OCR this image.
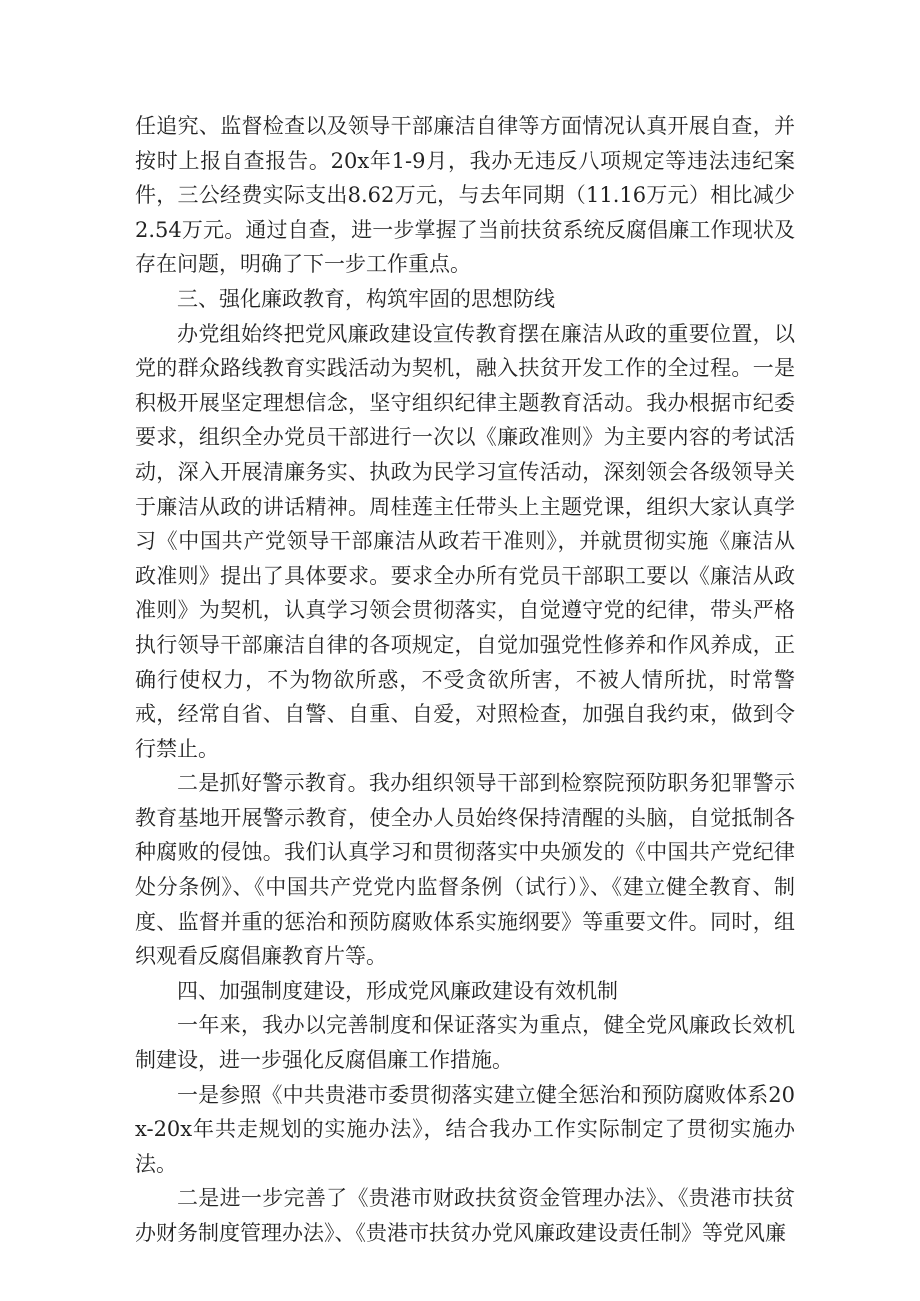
任追究、监督检查以及领导干部廉洁自律等方面情况认真开展自查，并按时上报自查报告。20x年1-9月，我办无违反八项规定等违法违纪案件，三公经费实际支出8.62万元，与去年同期（11.16万元）相比减少2.54万元。通过自查，进一步掌握了当前扶贫系统反腐倡廉工作现状及存在问题，明确了下一步工作重点。

三、强化廉政教育，构筑牢固的思想防线

办党组始终把党风廉政建设宣传教育摆在廉洁从政的重要位置，以党的群众路线教育实践活动为契机，融入扶贫开发工作的全过程。一是积极开展坚定理想信念，坚守组织纪律主题教育活动。我办根据市纪委要求，组织全办党员干部进行一次以《廉政准则》为主要内容的考试活动，深入开展清廉务实、执政为民学习宣传活动，深刻领会各级领导关于廉洁从政的讲话精神。周桂莲主任带头上主题党课，组织大家认真学习《中国共产党领导干部廉洁从政若干准则》，并就贯彻实施《廉洁从政准则》提出了具体要求。要求全办所有党员干部职工要以《廉洁从政准则》为契机，认真学习领会贯彻落实，自觉遵守党的纪律，带头严格执行领导干部廉洁自律的各项规定，自觉加强党性修养和作风养成，正确行使权力，不为物欲所惑，不受贪欲所害，不被人情所扰，时常警戒，经常自省、自警、自重、自爱，对照检查，加强自我约束，做到令行禁止。

二是抓好警示教育。我办组织领导干部到检察院预防职务犯罪警示教育基地开展警示教育，使全办人员始终保持清醒的头脑，自觉抵制各种腐败的侵蚀。我们认真学习和贯彻落实中央颁发的《中国共产党纪律处分条例》、《中国共产党党内监督条例（试行）》、《建立健全教育、制度、监督并重的惩治和预防腐败体系实施纲要》等重要文件。同时，组织观看反腐倡廉教育片等。

四、加强制度建设，形成党风廉政建设有效机制

一年来，我办以完善制度和保证落实为重点，健全党风廉政长效机制建设，进一步强化反腐倡廉工作措施。

一是参照《中共贵港市委贯彻落实建立健全惩治和预防腐败体系20x-20x年共走规划的实施办法》，结合我办工作实际制定了贯彻实施办法。

二是进一步完善了《贵港市财政扶贫资金管理办法》、《贵港市扶贫办财务制度管理办法》、《贵港市扶贫办党风廉政建设责任制》等党风廉
